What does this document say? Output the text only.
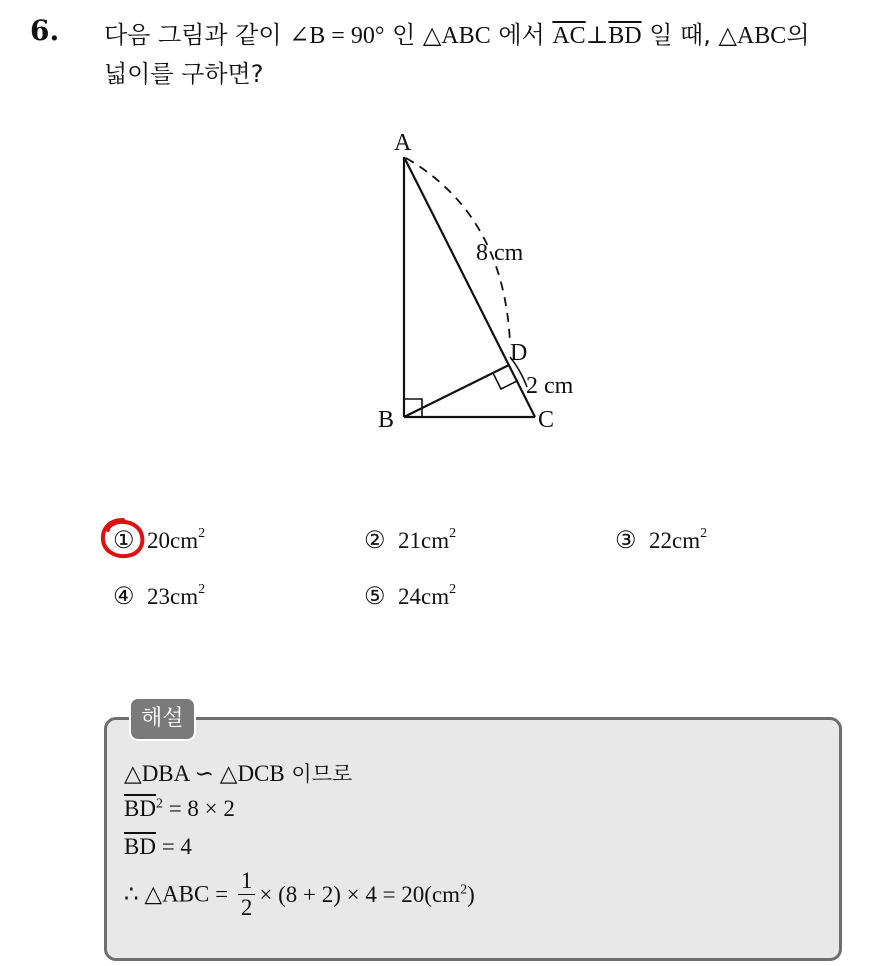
6. 다음 그림과 같이 ∠B = 90° 인 △ABC 에서 $\overline{AC}\perp\overline{BD}$ 일 때, △ABC의
넓이를 구하면?
A
B	C
D
8 cm
2 cm
① $20cm^2$	② $21cm^2$	③ $22cm^2$
④ $23cm^2$	⑤ $24cm^2$
해설
△DBA ∽ △DCB 이므로
$\overline{BD}^2 = 8 \times 2$
$\overline{BD} = 4$
∴ △ABC = $\frac{1}{2} \times (8 + 2) \times 4 = 20(cm^2)$
